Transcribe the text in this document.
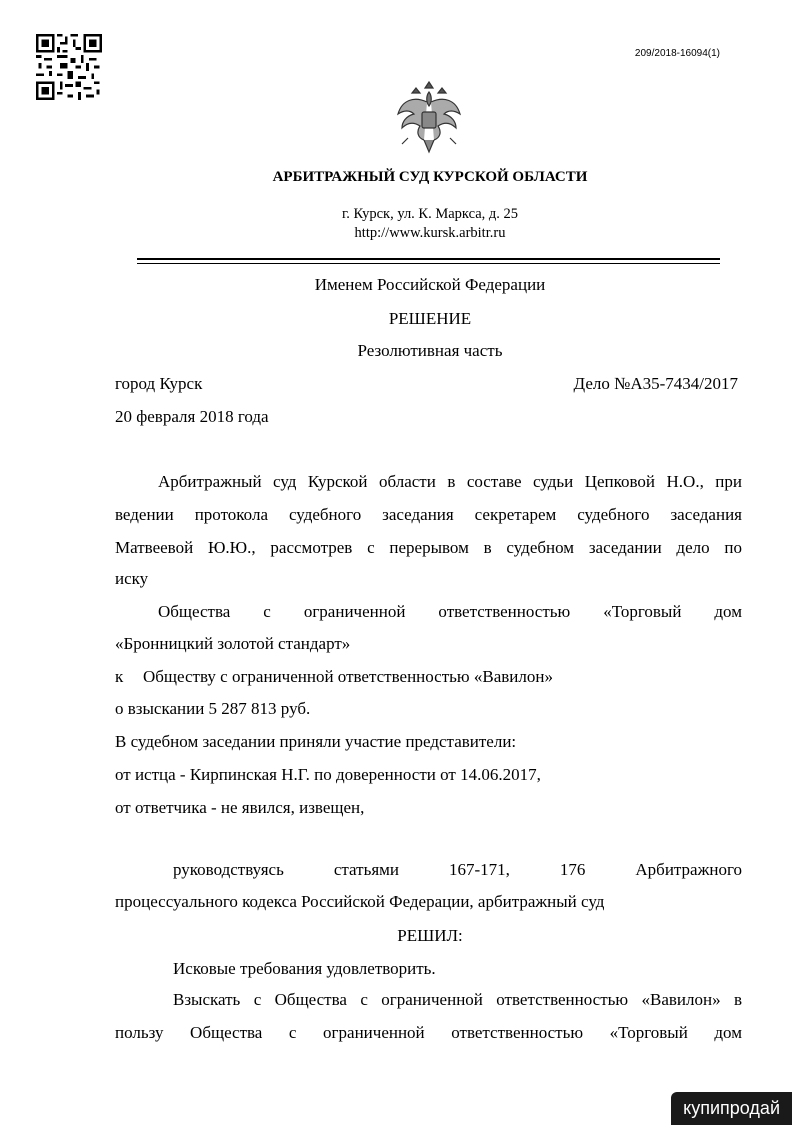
209/2018-16094(1)
АРБИТРАЖНЫЙ СУД КУРСКОЙ ОБЛАСТИ
г. Курск, ул. К. Маркса, д. 25
http://www.kursk.arbitr.ru
Именем Российской Федерации
РЕШЕНИЕ
Резолютивная часть
город Курск	Дело №А35-7434/2017
20 февраля 2018 года
Арбитражный суд Курской области в составе судьи Цепковой Н.О., при
ведении протокола судебного заседания секретарем судебного заседания
Матвеевой Ю.Ю., рассмотрев с перерывом в судебном заседании дело по
иску
Общества с ограниченной ответственностью «Торговый дом
«Бронницкий золотой стандарт»
к Обществу с ограниченной ответственностью «Вавилон»
о взыскании 5 287 813 руб.
В судебном заседании приняли участие представители:
от истца - Кирпинская Н.Г. по доверенности от 14.06.2017,
от ответчика - не явился, извещен,
руководствуясь статьями 167-171, 176 Арбитражного
процессуального кодекса Российской Федерации, арбитражный суд
РЕШИЛ:
Исковые требования удовлетворить.
Взыскать с Общества с ограниченной ответственностью «Вавилон» в
пользу Общества с ограниченной ответственностью «Торговый дом
купипродай
